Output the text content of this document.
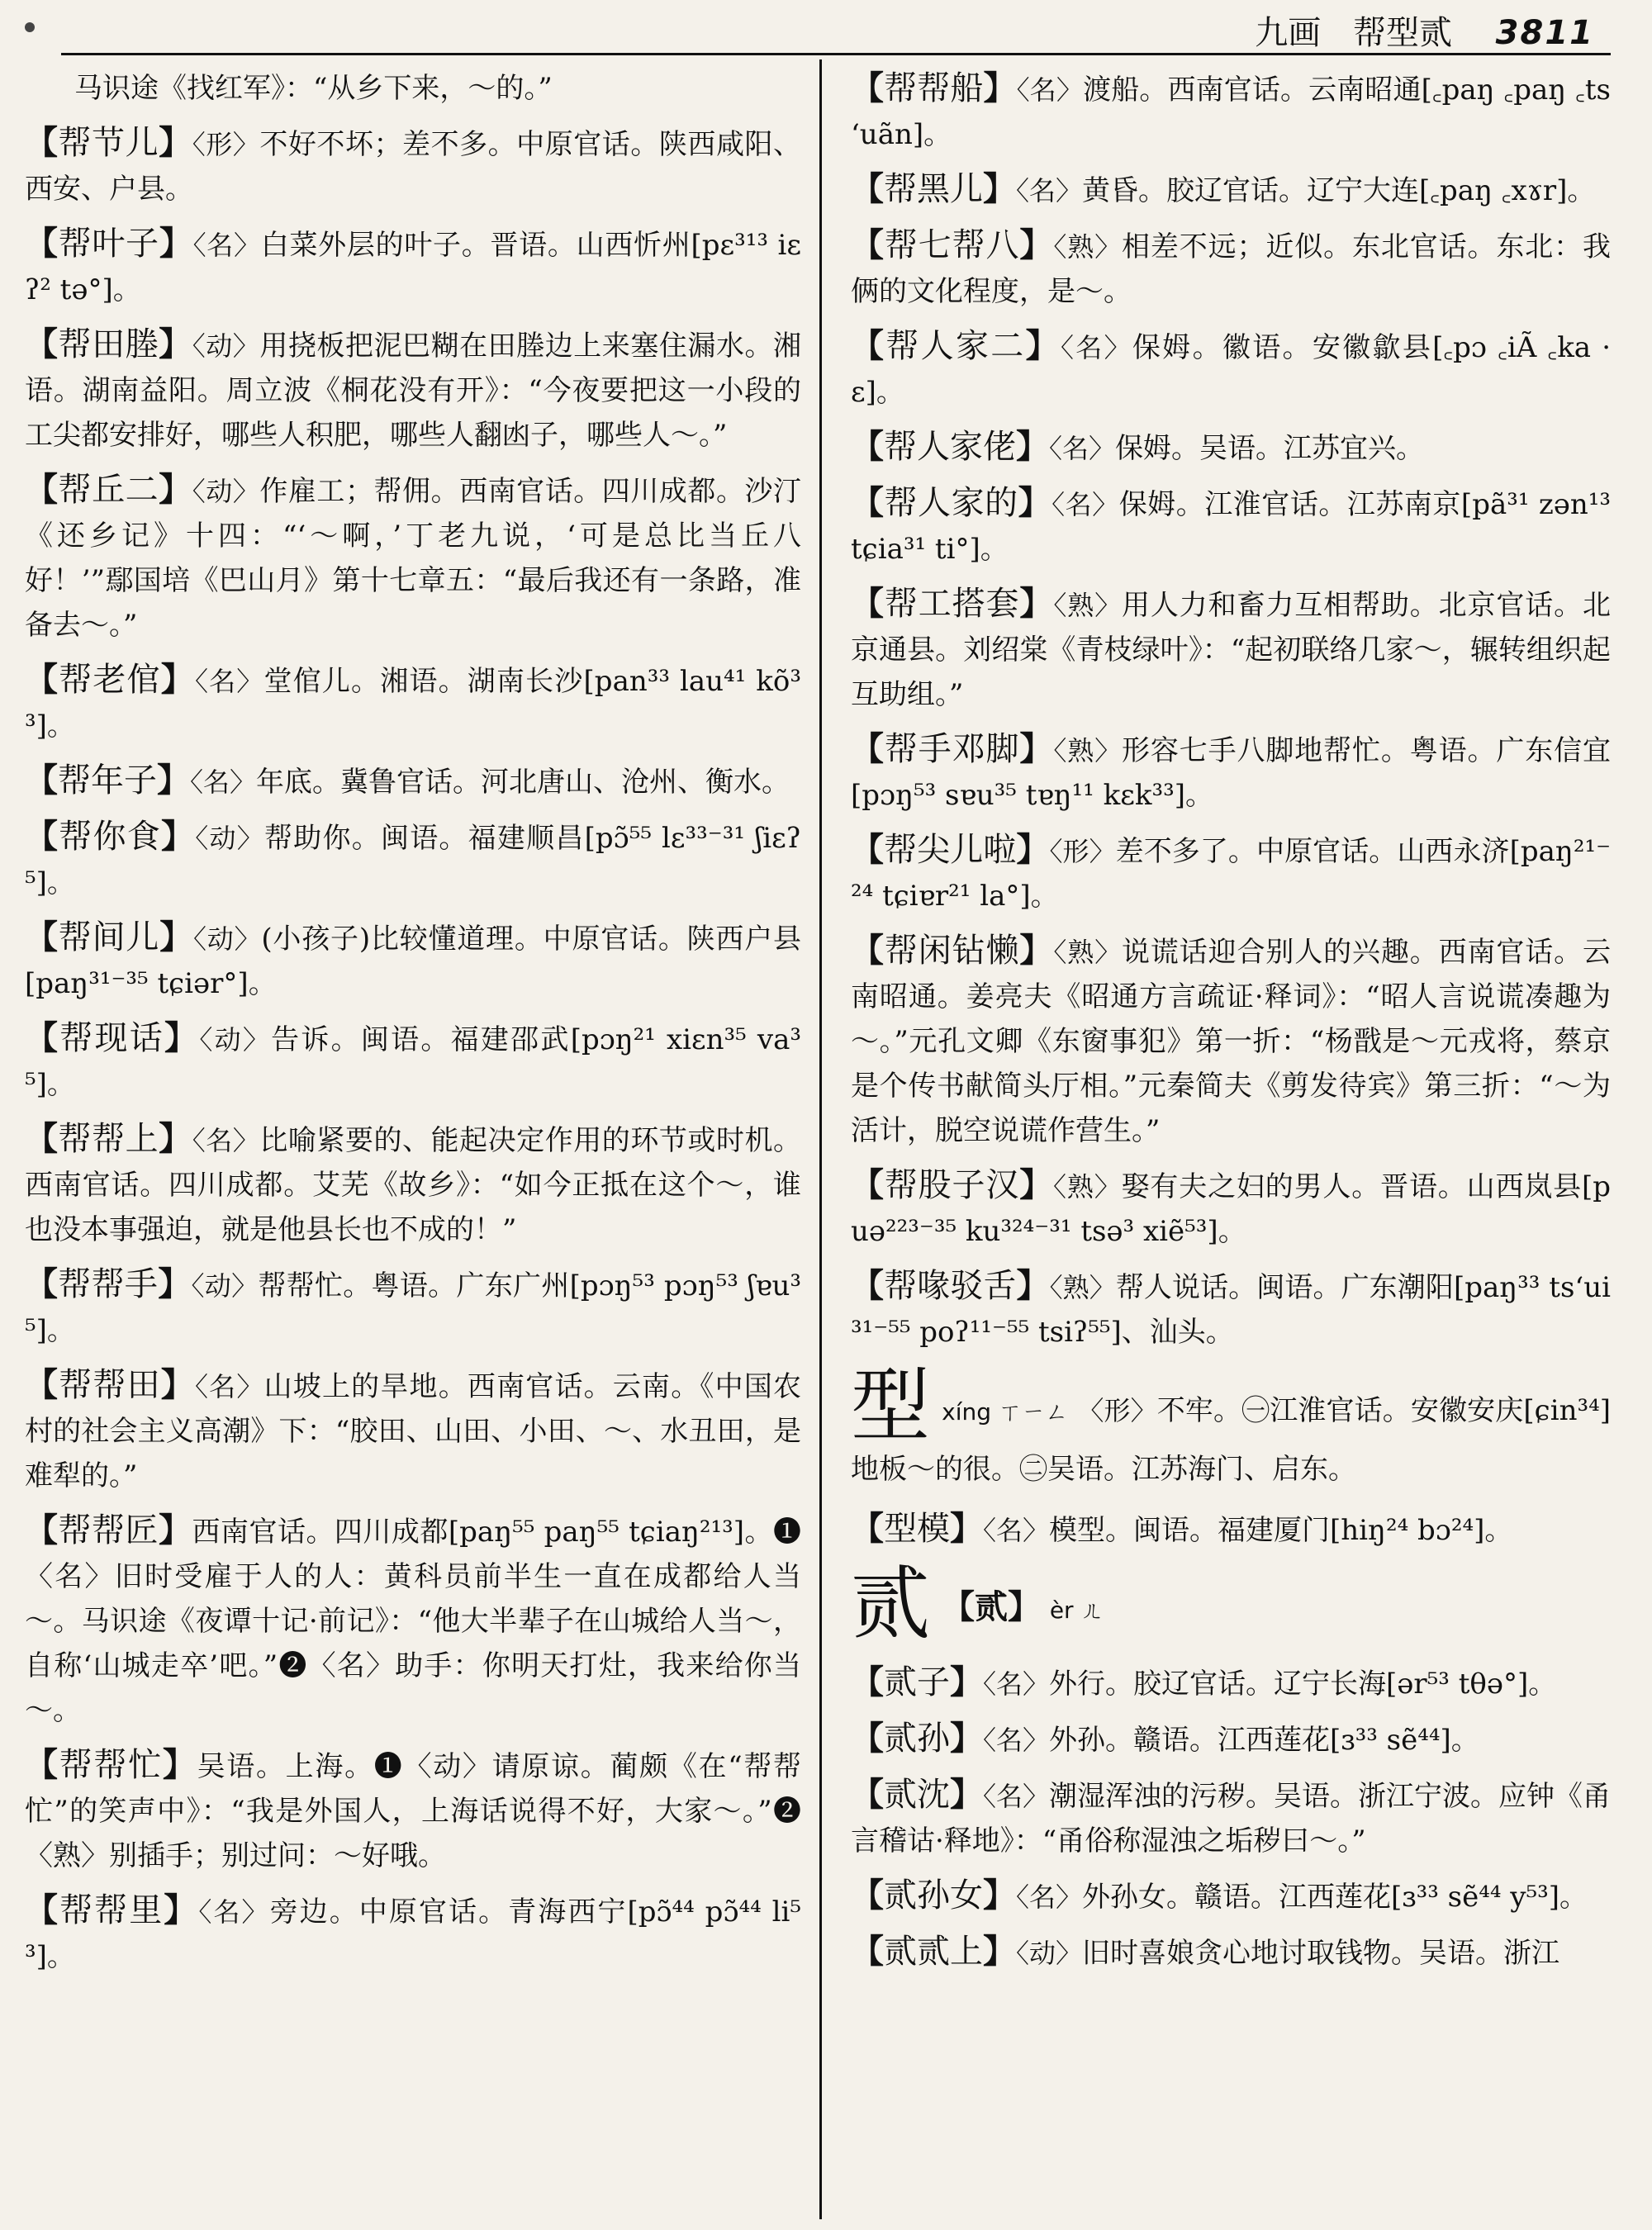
九画 帮型贰 3811

马识途《找红军》：“从乡下来，～的。”

【帮节儿】〈形〉不好不坏；差不多。中原官话。陕西咸阳、西安、户县。

【帮叶子】〈名〉白菜外层的叶子。晋语。山西忻州[pɛ³¹³ iɛʔ² tə°]。

【帮田塍】〈动〉用挠板把泥巴糊在田塍边上来塞住漏水。湘语。湖南益阳。周立波《桐花没有开》：“今夜要把这一小段的工尖都安排好，哪些人积肥，哪些人翻凼子，哪些人～。”

【帮丘二】〈动〉作雇工；帮佣。西南官话。四川成都。沙汀《还乡记》十四：“‘～啊，’丁老九说，‘可是总比当丘八好！’”鄢国培《巴山月》第十七章五：“最后我还有一条路，准备去～。”

【帮老倌】〈名〉堂倌儿。湘语。湖南长沙[pan³³ lau⁴¹ kõ³³]。

【帮年子】〈名〉年底。冀鲁官话。河北唐山、沧州、衡水。

【帮你食】〈动〉帮助你。闽语。福建顺昌[pɔ̃⁵⁵ lɛ³³⁻³¹ ʃiɛʔ⁵]。

【帮间儿】〈动〉(小孩子)比较懂道理。中原官话。陕西户县[paŋ³¹⁻³⁵ tɕiər°]。

【帮现话】〈动〉告诉。闽语。福建邵武[pɔŋ²¹ xiɛn³⁵ va³⁵]。

【帮帮上】〈名〉比喻紧要的、能起决定作用的环节或时机。西南官话。四川成都。艾芜《故乡》：“如今正抵在这个～，谁也没本事强迫，就是他县长也不成的！”

【帮帮手】〈动〉帮帮忙。粤语。广东广州[pɔŋ⁵³ pɔŋ⁵³ ʃɐu³⁵]。

【帮帮田】〈名〉山坡上的旱地。西南官话。云南。《中国农村的社会主义高潮》下：“胶田、山田、小田、～、水丑田，是难犁的。”

【帮帮匠】西南官话。四川成都[paŋ⁵⁵ paŋ⁵⁵ tɕiaŋ²¹³]。❶〈名〉旧时受雇于人的人：黄科员前半生一直在成都给人当～。马识途《夜谭十记·前记》：“他大半辈子在山城给人当～，自称‘山城走卒’吧。”❷〈名〉助手：你明天打灶，我来给你当～。

【帮帮忙】吴语。上海。❶〈动〉请原谅。蔺颇《在“帮帮忙”的笑声中》：“我是外国人，上海话说得不好，大家～。”❷〈熟〉别插手；别过问：～好哦。

【帮帮里】〈名〉旁边。中原官话。青海西宁[pɔ̃⁴⁴ pɔ̃⁴⁴ li⁵³]。

【帮帮船】〈名〉渡船。西南官话。云南昭通[꜀paŋ ꜀paŋ ꜀tsʻuãn]。

【帮黑儿】〈名〉黄昏。胶辽官话。辽宁大连[꜀paŋ ꜀xɤr]。

【帮七帮八】〈熟〉相差不远；近似。东北官话。东北：我俩的文化程度，是～。

【帮人家二】〈名〉保姆。徽语。安徽歙县[꜀pɔ ꜀iÃ ꜀ka ·ɛ]。

【帮人家佬】〈名〉保姆。吴语。江苏宜兴。

【帮人家的】〈名〉保姆。江淮官话。江苏南京[pã³¹ zən¹³ tɕia³¹ ti°]。

【帮工搭套】〈熟〉用人力和畜力互相帮助。北京官话。北京通县。刘绍棠《青枝绿叶》：“起初联络几家～，辗转组织起互助组。”

【帮手邓脚】〈熟〉形容七手八脚地帮忙。粤语。广东信宜[pɔŋ⁵³ sɐu³⁵ tɐŋ¹¹ kɛk³³]。

【帮尖儿啦】〈形〉差不多了。中原官话。山西永济[paŋ²¹⁻²⁴ tɕiɐr²¹ la°]。

【帮闲钻懒】〈熟〉说谎话迎合别人的兴趣。西南官话。云南昭通。姜亮夫《昭通方言疏证·释词》：“昭人言说谎凑趣为～。”元孔文卿《东窗事犯》第一折：“杨戬是～元戎将，蔡京是个传书献简头厅相。”元秦简夫《剪发待宾》第三折：“～为活计，脱空说谎作营生。”

【帮股子汉】〈熟〉娶有夫之妇的男人。晋语。山西岚县[puə²²³⁻³⁵ ku³²⁴⁻³¹ tsə³ xiẽ⁵³]。

【帮喙驳舌】〈熟〉帮人说话。闽语。广东潮阳[paŋ³³ tsʻui³¹⁻⁵⁵ poʔ¹¹⁻⁵⁵ tsiʔ⁵⁵]、汕头。

型xíng ㄒㄧㄥ 〈形〉不牢。㊀江淮官话。安徽安庆[ɕin³⁴]地板～的很。㊁吴语。江苏海门、启东。

【型模】〈名〉模型。闽语。福建厦门[hiŋ²⁴ bɔ²⁴]。

贰 【贰】 èr ㄦ

【贰子】〈名〉外行。胶辽官话。辽宁长海[ər⁵³ tθə°]。

【贰孙】〈名〉外孙。赣语。江西莲花[ɜ³³ sẽ⁴⁴]。

【贰沈】〈名〉潮湿浑浊的污秽。吴语。浙江宁波。应钟《甬言稽诂·释地》：“甬俗称湿浊之垢秽曰～。”

【贰孙女】〈名〉外孙女。赣语。江西莲花[ɜ³³ sẽ⁴⁴ y⁵³]。

【贰贰上】〈动〉旧时喜娘贪心地讨取钱物。吴语。浙江
